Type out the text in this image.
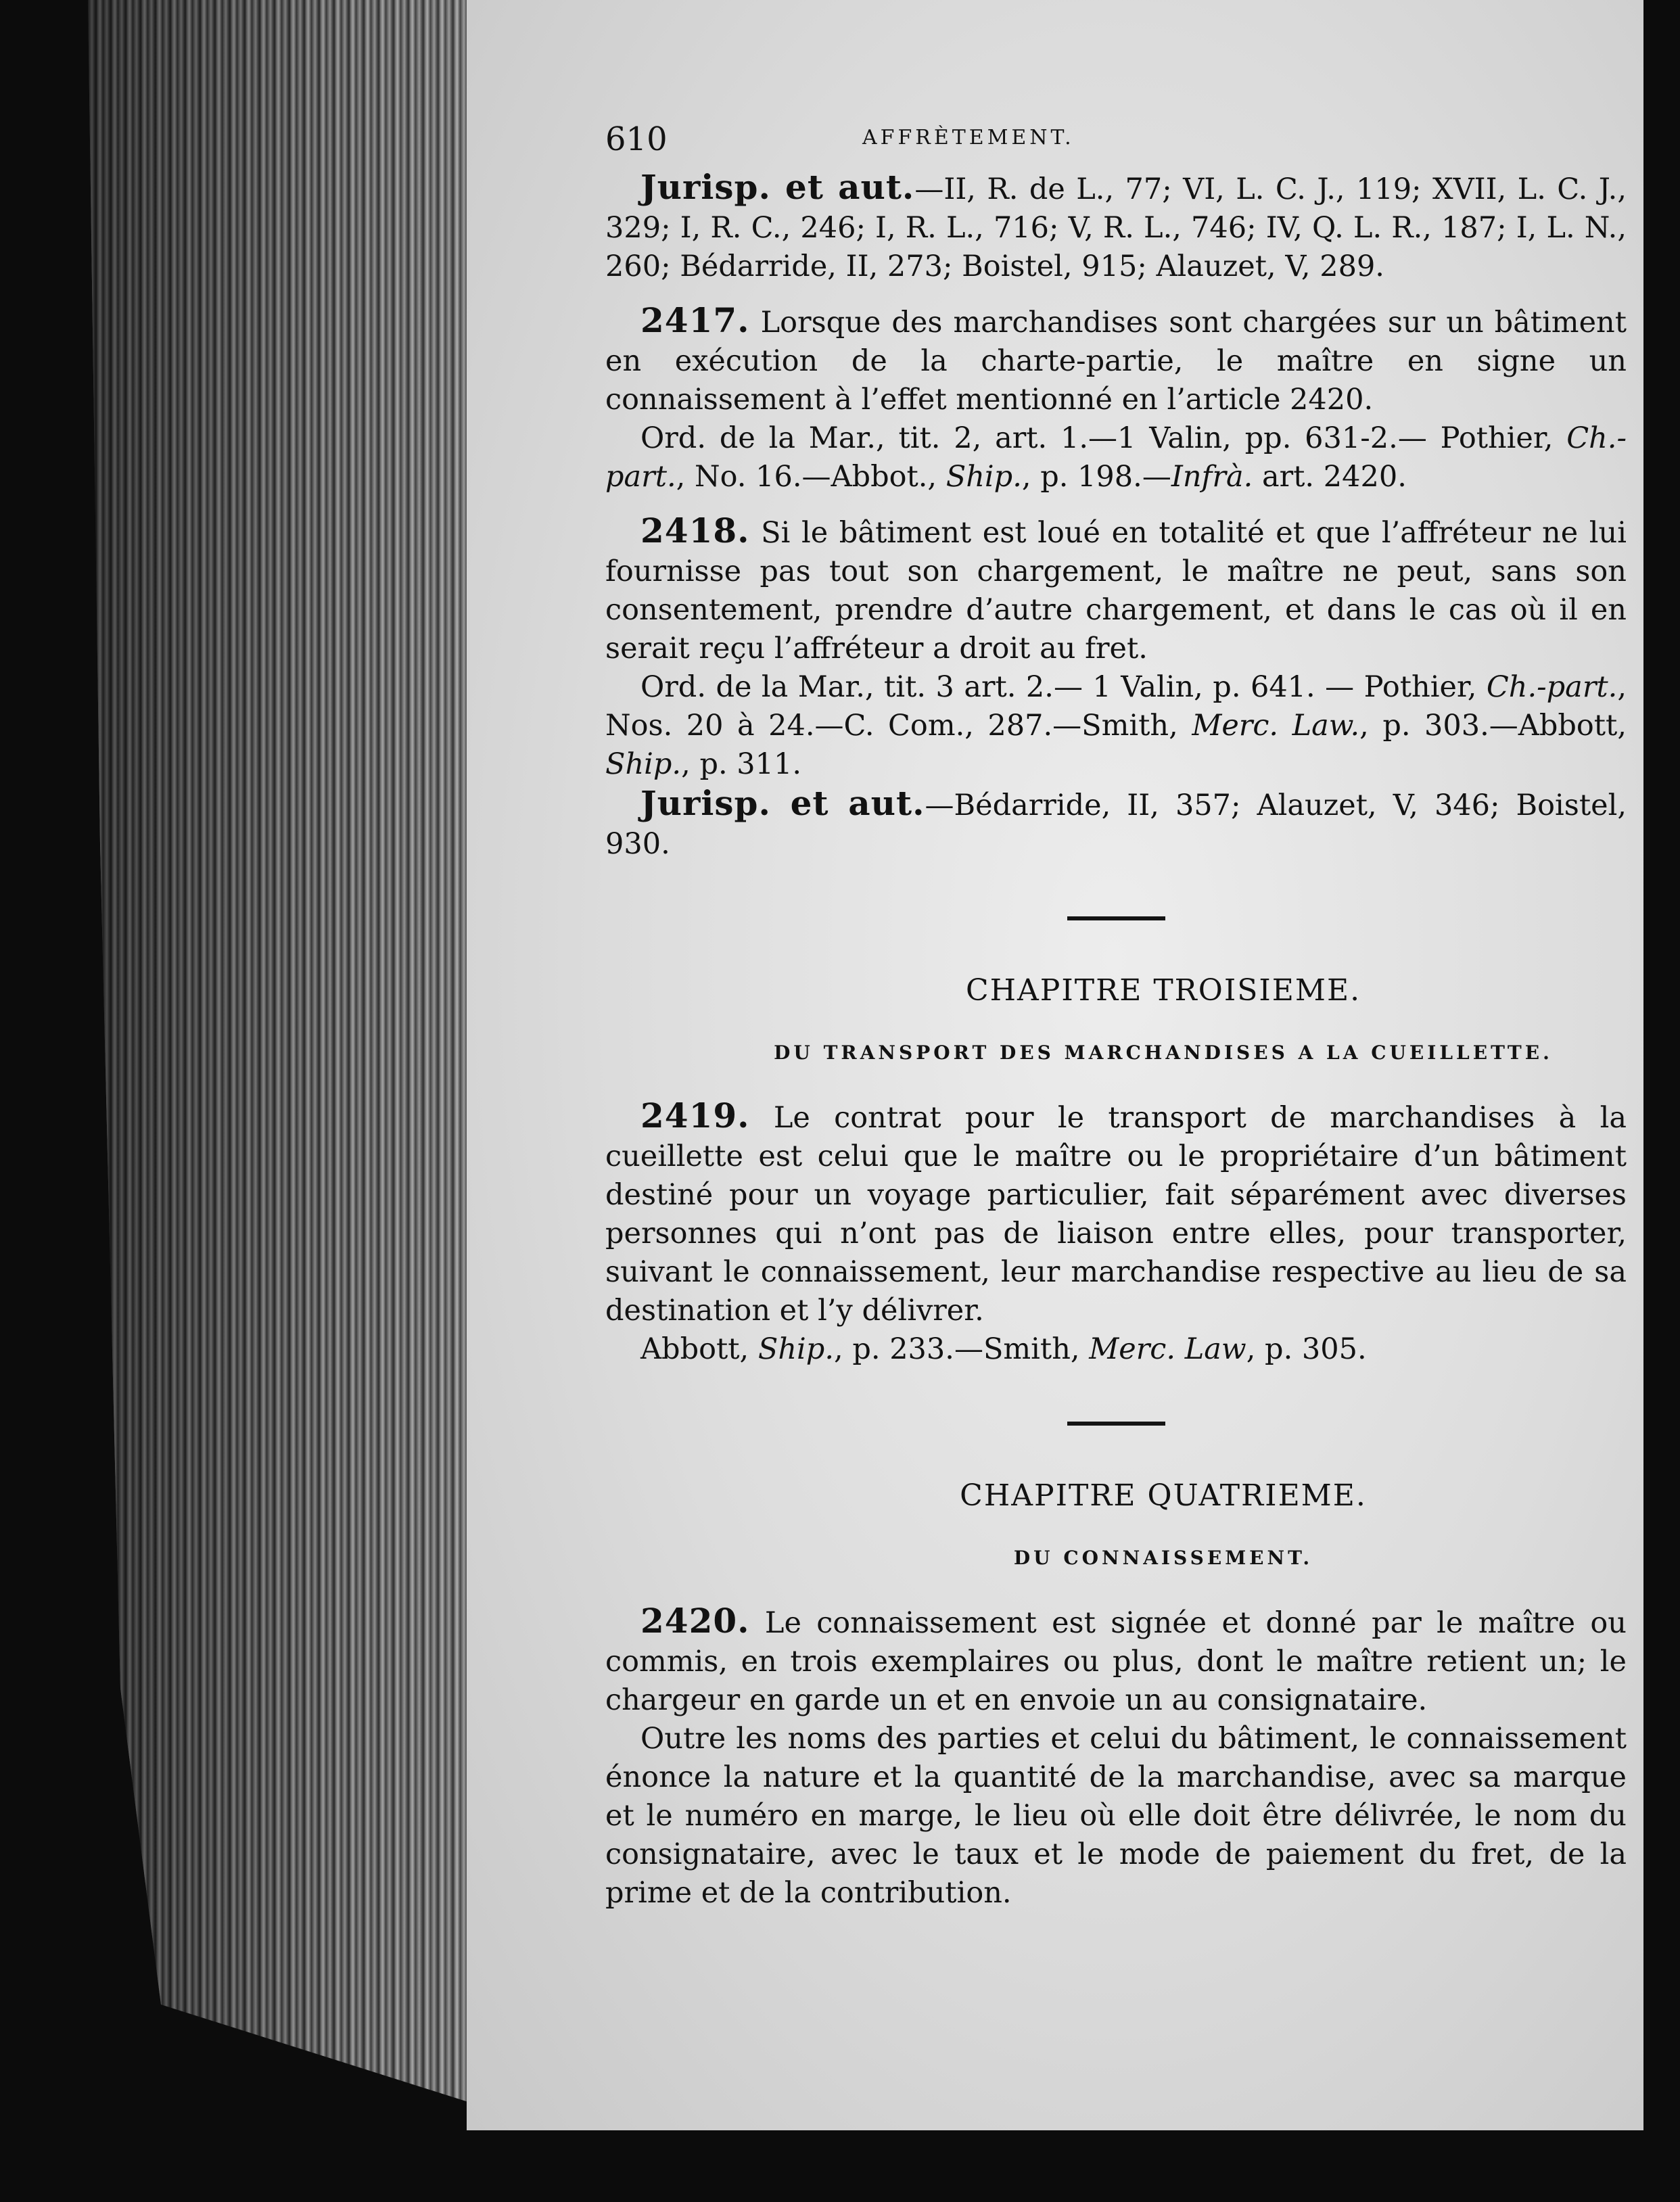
610	AFFRÈTEMENT.

Jurisp. et aut.—II, R. de L., 77; VI, L. C. J., 119; XVII, L. C. J., 329; I, R. C., 246; I, R. L., 716; V, R. L., 746; IV, Q. L. R., 187; I, L. N., 260; Bédarride, II, 273; Boistel, 915; Alauzet, V, 289.

2417. Lorsque des marchandises sont chargées sur un bâtiment en exécution de la charte-partie, le maître en signe un connaissement à l’effet mentionné en l’article 2420.

Ord. de la Mar., tit. 2, art. 1.—1 Valin, pp. 631-2.— Pothier, Ch.-part., No. 16.—Abbot., Ship., p. 198.—Infrà. art. 2420.

2418. Si le bâtiment est loué en totalité et que l’affréteur ne lui fournisse pas tout son chargement, le maître ne peut, sans son consentement, prendre d’autre chargement, et dans le cas où il en serait reçu l’affréteur a droit au fret.

Ord. de la Mar., tit. 3 art. 2.— 1 Valin, p. 641. — Pothier, Ch.-part., Nos. 20 à 24.—C. Com., 287.—Smith, Merc. Law., p. 303.—Abbott, Ship., p. 311.

Jurisp. et aut.—Bédarride, II, 357; Alauzet, V, 346; Boistel, 930.

CHAPITRE TROISIEME.
DU TRANSPORT DES MARCHANDISES A LA CUEILLETTE.

2419. Le contrat pour le transport de marchandises à la cueillette est celui que le maître ou le propriétaire d’un bâtiment destiné pour un voyage particulier, fait séparément avec diverses personnes qui n’ont pas de liaison entre elles, pour transporter, suivant le connaissement, leur marchandise respective au lieu de sa destination et l’y délivrer.

Abbott, Ship., p. 233.—Smith, Merc. Law, p. 305.

CHAPITRE QUATRIEME.
DU CONNAISSEMENT.

2420. Le connaissement est signée et donné par le maître ou commis, en trois exemplaires ou plus, dont le maître retient un; le chargeur en garde un et en envoie un au consignataire.

Outre les noms des parties et celui du bâtiment, le connaissement énonce la nature et la quantité de la marchandise, avec sa marque et le numéro en marge, le lieu où elle doit être délivrée, le nom du consignataire, avec le taux et le mode de paiement du fret, de la prime et de la contribution.
